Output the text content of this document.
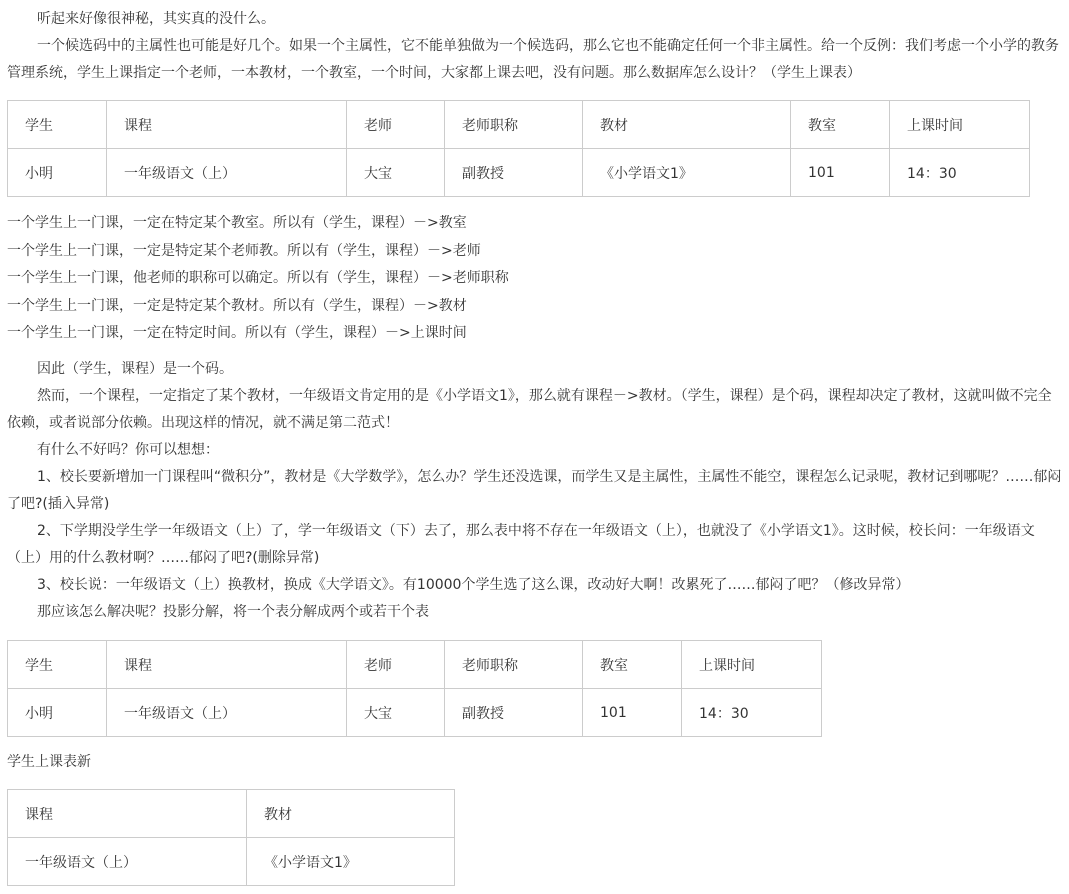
听起来好像很神秘，其实真的没什么。

一个候选码中的主属性也可能是好几个。如果一个主属性，它不能单独做为一个候选码，那么它也不能确定任何一个非主属性。给一个反例：我们考虑一个小学的教务 管理系统，学生上课指定一个老师，一本教材，一个教室，一个时间，大家都上课去吧，没有问题。那么数据库怎么设计？（学生上课表）

学生	课程	老师	老师职称	教材	教室	上课时间
小明	一年级语文（上）	大宝	副教授	《小学语文1》	101	14：30

一个学生上一门课，一定在特定某个教室。所以有（学生，课程）－>教室

一个学生上一门课，一定是特定某个老师教。所以有（学生，课程）－>老师

一个学生上一门课，他老师的职称可以确定。所以有（学生，课程）－>老师职称

一个学生上一门课，一定是特定某个教材。所以有（学生，课程）－>教材

一个学生上一门课，一定在特定时间。所以有（学生，课程）－>上课时间

因此（学生，课程）是一个码。

然而，一个课程，一定指定了某个教材，一年级语文肯定用的是《小学语文1》，那么就有课程－>教材。（学生，课程）是个码，课程却决定了教材，这就叫做不完全依赖，或者说部分依赖。出现这样的情况，就不满足第二范式！

有什么不好吗？你可以想想：

1、校长要新增加一门课程叫“微积分”，教材是《大学数学》，怎么办？学生还没选课，而学生又是主属性，主属性不能空，课程怎么记录呢，教材记到哪呢？……郁闷了吧?(插入异常)

2、下学期没学生学一年级语文（上）了，学一年级语文（下）去了，那么表中将不存在一年级语文（上），也就没了《小学语文1》。这时候，校长问：一年级语文（上）用的什么教材啊？……郁闷了吧?(删除异常)

3、校长说：一年级语文（上）换教材，换成《大学语文》。有10000个学生选了这么课，改动好大啊！改累死了……郁闷了吧？（修改异常）

那应该怎么解决呢？投影分解，将一个表分解成两个或若干个表

学生	课程	老师	老师职称	教室	上课时间
小明	一年级语文（上）	大宝	副教授	101	14：30
学生上课表新
课程	教材
一年级语文（上）	《小学语文1》
